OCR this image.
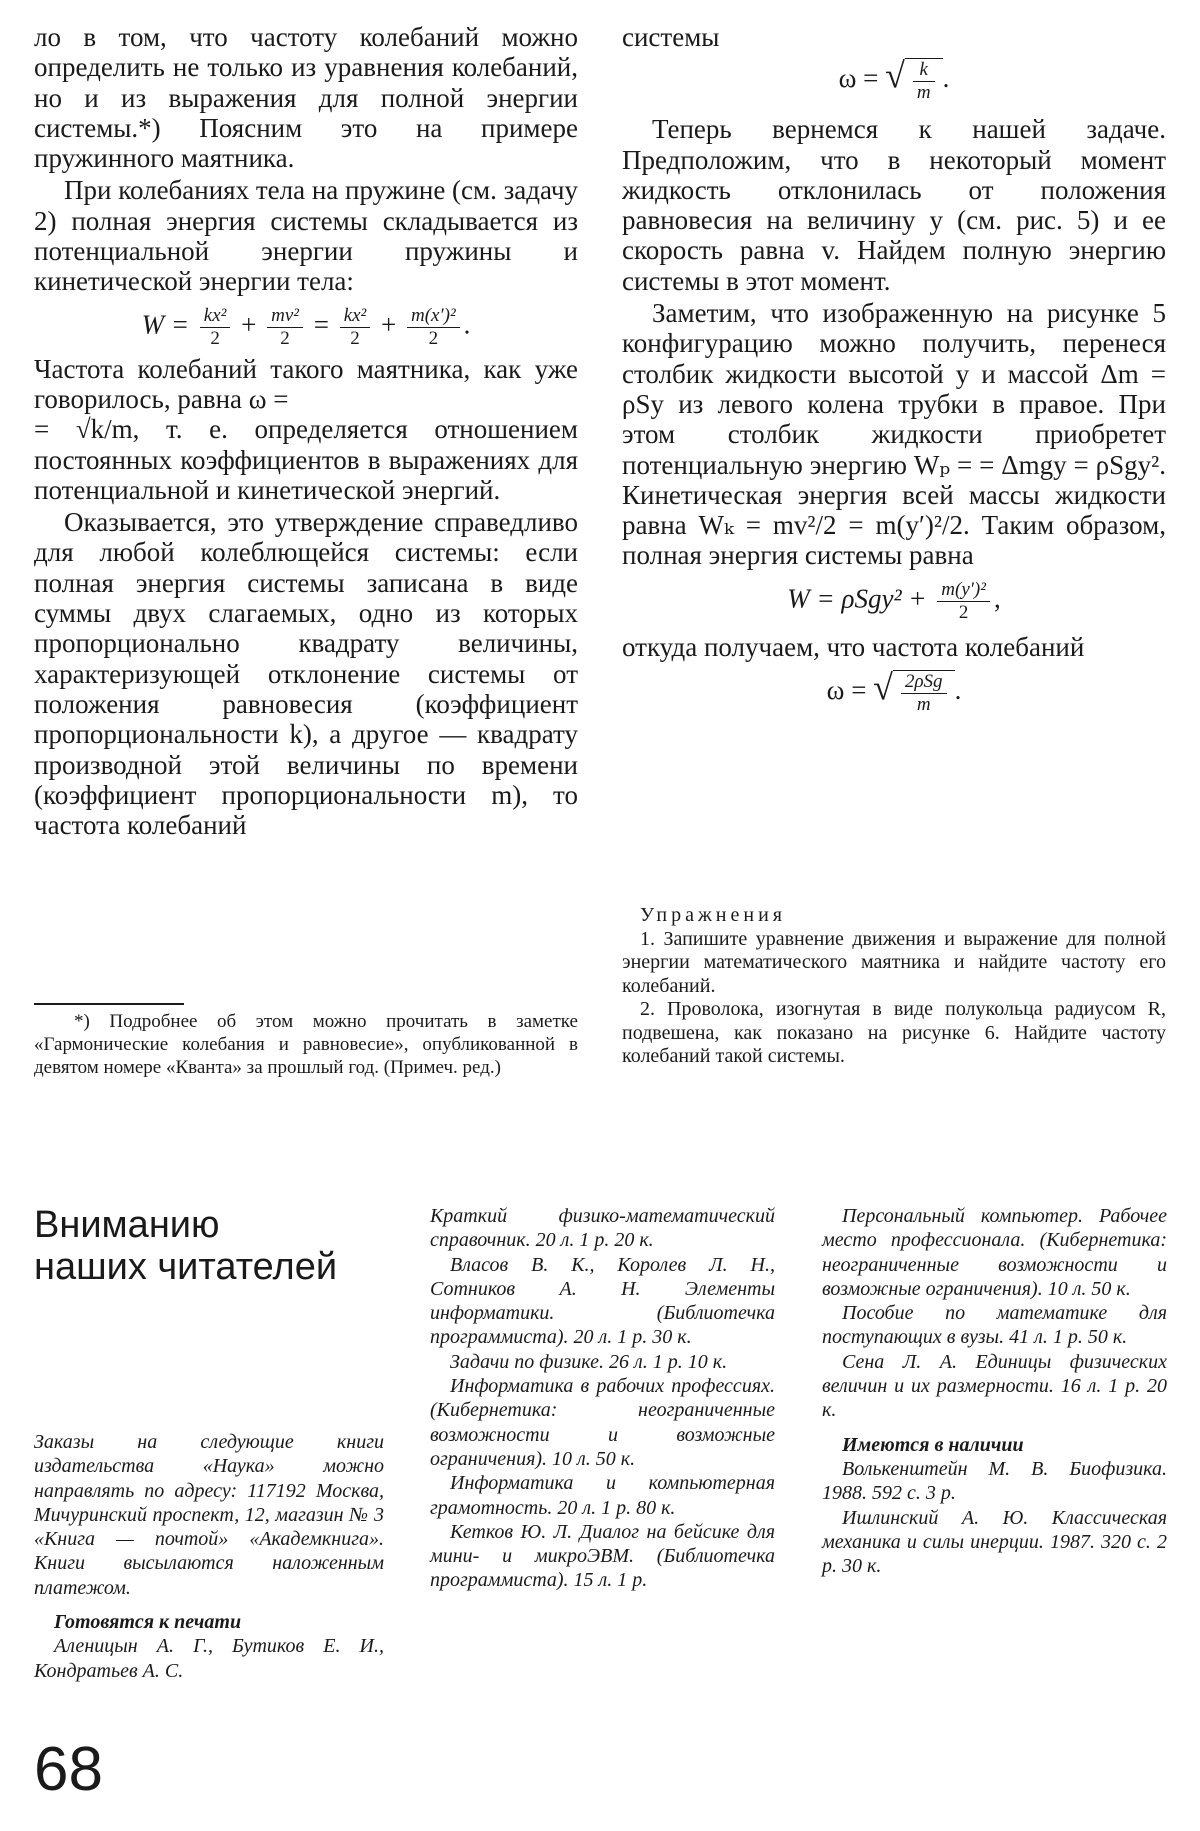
ло в том, что частоту колебаний можно определить не только из уравнения колебаний, но и из выражения для полной энергии системы.*) Поясним это на примере пружинного маятника.

При колебаниях тела на пружине (см. задачу 2) полная энергия системы складывается из потенциальной энергии пружины и кинетической энергии тела:

$W = \frac{\text{kx²}}{2} + \frac{\text{mv²}}{2} = \frac{\text{kx²}}{2} + \frac{\text{m(x′)²}}{2}$ .

Частота колебаний такого маятника, как уже говорилось, равна ω =

= √k/m, т. е. определяется отношением постоянных коэффициентов в выражениях для потенциальной и кинетической энергий.

Оказывается, это утверждение справедливо для любой колеблющейся системы: если полная энергия системы записана в виде суммы двух слагаемых, одно из которых пропорционально квадрату величины, характеризующей отклонение системы от положения равновесия (коэффициент пропорциональности k), а другое — квадрату производной этой величины по времени (коэффициент пропорциональности m), то частота колебаний

*) Подробнее об этом можно прочитать в заметке «Гармонические колебания и равновесие», опубликованной в девятом номере «Кванта» за прошлый год. (Примеч. ред.)

системы

ω = √ $\frac{k}{m}$ .

Теперь вернемся к нашей задаче. Предположим, что в некоторый момент жидкость отклонилась от положения равновесия на величину y (см. рис. 5) и ее скорость равна v. Найдем полную энергию системы в этот момент.

Заметим, что изображенную на рисунке 5 конфигурацию можно получить, перенеся столбик жидкости высотой y и массой Δm = ρSy из левого колена трубки в правое. При этом столбик жидкости приобретет потенциальную энергию Wₚ = = Δmgy = ρSgy². Кинетическая энергия всей массы жидкости равна Wₖ = mv²/2 = m(y′)²/2. Таким образом, полная энергия системы равна

$W = \rho Sgy^2 + \frac{\text{m(y′)²}}{2}$ ,

откуда получаем, что частота колебаний

ω = √ $\frac{\text{2ρSg}}{m}$ .

Упражнения

1. Запишите уравнение движения и выражение для полной энергии математического маятника и найдите частоту его колебаний.

2. Проволока, изогнутая в виде полукольца радиусом R, подвешена, как показано на рисунке 6. Найдите частоту колебаний такой системы.

Вниманию
наших читателей

Заказы на следующие книги издательства «Наука» можно направлять по адресу: 117192 Москва, Мичуринский проспект, 12, магазин № 3 «Книга — почтой» «Академкнига». Книги высылаются наложенным платежом.

Готовятся к печати

Аленицын А. Г., Бутиков Е. И., Кондратьев А. С.

Краткий физико-математический справочник. 20 л. 1 р. 20 к.

Власов В. К., Королев Л. Н., Сотников А. Н. Элементы информатики. (Библиотечка программиста). 20 л. 1 р. 30 к.

Задачи по физике. 26 л. 1 р. 10 к.

Информатика в рабочих профессиях. (Кибернетика: неограниченные возможности и возможные ограничения). 10 л. 50 к.

Информатика и компьютерная грамотность. 20 л. 1 р. 80 к.

Кетков Ю. Л. Диалог на бейсике для мини- и микроЭВМ. (Библиотечка программиста). 15 л. 1 р.

Персональный компьютер. Рабочее место профессионала. (Кибернетика: неограниченные возможности и возможные ограничения). 10 л. 50 к.

Пособие по математике для поступающих в вузы. 41 л. 1 р. 50 к.

Сена Л. А. Единицы физических величин и их размерности. 16 л. 1 р. 20 к.

Имеются в наличии

Волькенштейн М. В. Биофизика. 1988. 592 с. 3 р.

Ишлинский А. Ю. Классическая механика и силы инерции. 1987. 320 с. 2 р. 30 к.

68
